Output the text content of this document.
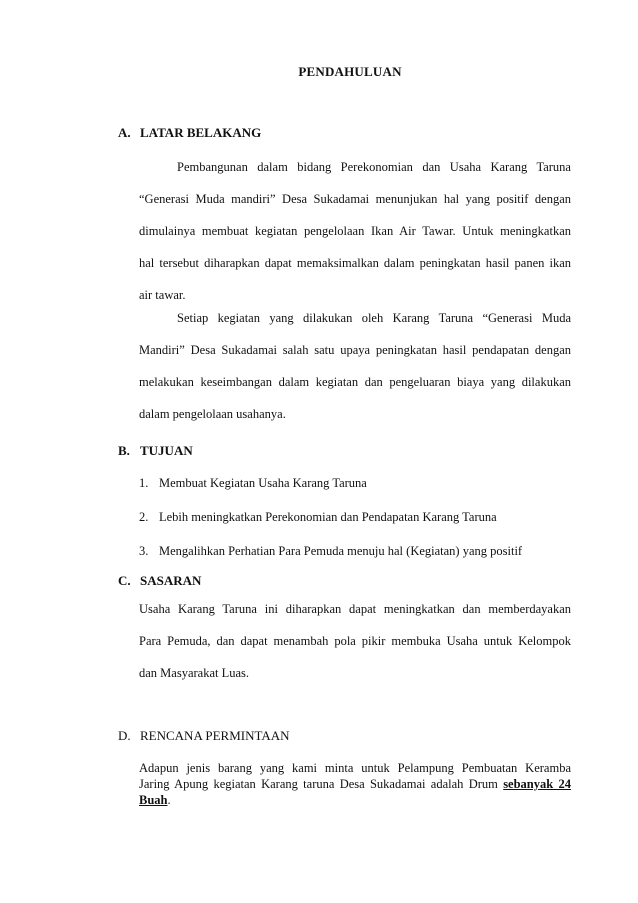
PENDAHULUAN
A. LATAR BELAKANG
Pembangunan dalam bidang Perekonomian dan Usaha Karang Taruna
“Generasi Muda mandiri” Desa Sukadamai menunjukan hal yang positif dengan
dimulainya membuat kegiatan pengelolaan Ikan Air Tawar. Untuk meningkatkan
hal tersebut diharapkan dapat memaksimalkan dalam peningkatan hasil panen ikan
air tawar.
Setiap kegiatan yang dilakukan oleh Karang Taruna “Generasi Muda
Mandiri” Desa Sukadamai salah satu upaya peningkatan hasil pendapatan dengan
melakukan keseimbangan dalam kegiatan dan pengeluaran biaya yang dilakukan
dalam pengelolaan usahanya.
B. TUJUAN
1. Membuat Kegiatan Usaha Karang Taruna
2. Lebih meningkatkan Perekonomian dan Pendapatan Karang Taruna
3. Mengalihkan Perhatian Para Pemuda menuju hal (Kegiatan) yang positif
C. SASARAN
Usaha Karang Taruna ini diharapkan dapat meningkatkan dan memberdayakan
Para Pemuda, dan dapat menambah pola pikir membuka Usaha untuk Kelompok
dan Masyarakat Luas.
D. RENCANA PERMINTAAN
Adapun jenis barang yang kami minta untuk Pelampung Pembuatan Keramba
Jaring Apung kegiatan Karang taruna Desa Sukadamai adalah Drum sebanyak 24
Buah.
